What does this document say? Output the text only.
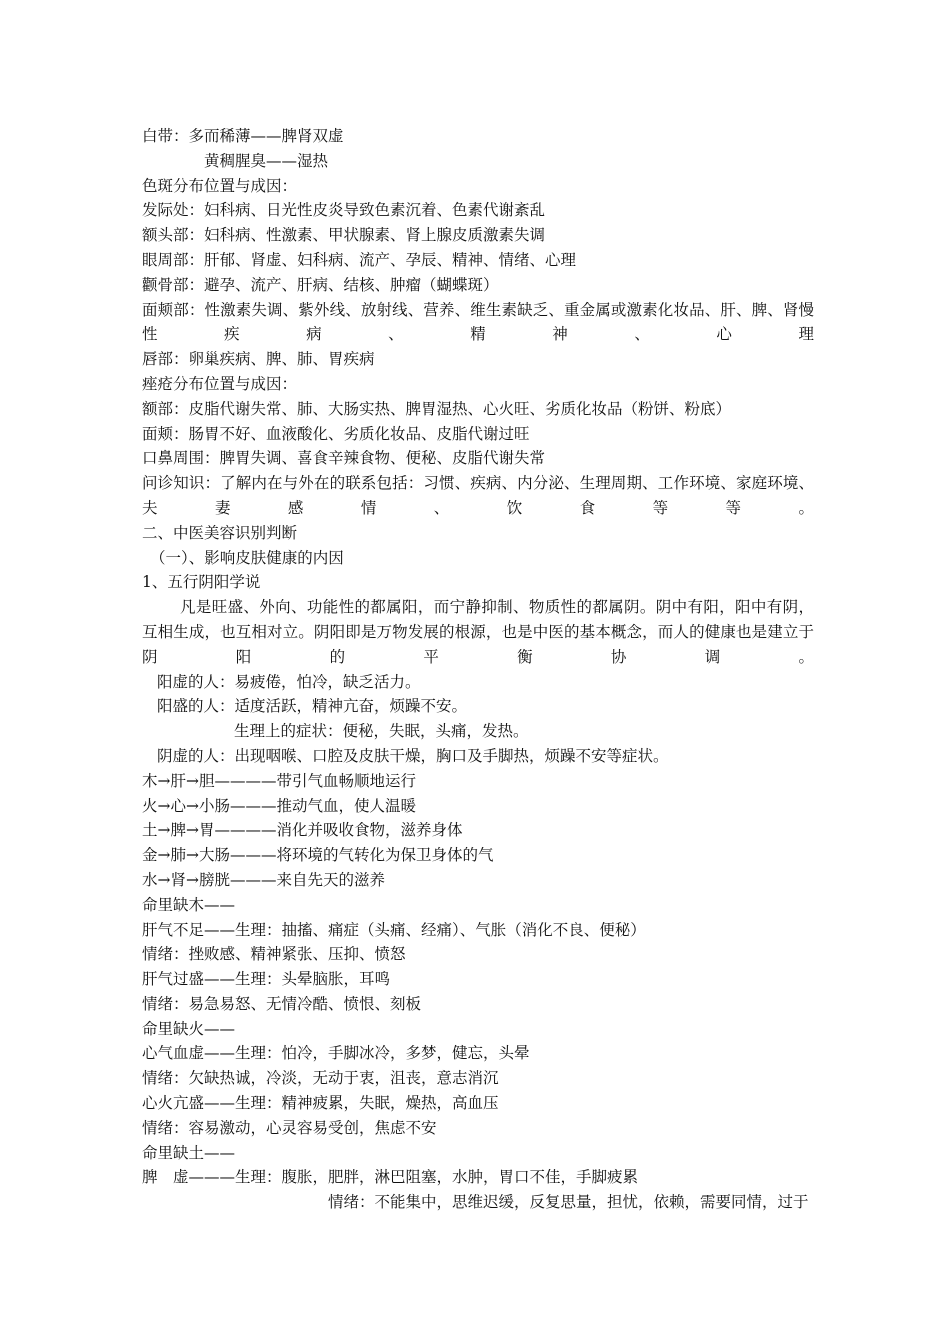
白带：多而稀薄——脾肾双虚
黄稠腥臭——湿热
色斑分布位置与成因：
发际处：妇科病、日光性皮炎导致色素沉着、色素代谢紊乱
额头部：妇科病、性激素、甲状腺素、肾上腺皮质激素失调
眼周部：肝郁、肾虚、妇科病、流产、孕辰、精神、情绪、心理
颧骨部：避孕、流产、肝病、结核、肿瘤（蝴蝶斑）
面颊部：性激素失调、紫外线、放射线、营养、维生素缺乏、重金属或激素化妆品、肝、脾、肾慢性疾病、精神、心理
唇部：卵巢疾病、脾、肺、胃疾病
痤疮分布位置与成因：
额部：皮脂代谢失常、肺、大肠实热、脾胃湿热、心火旺、劣质化妆品（粉饼、粉底）
面颊：肠胃不好、血液酸化、劣质化妆品、皮脂代谢过旺
口鼻周围：脾胃失调、喜食辛辣食物、便秘、皮脂代谢失常
问诊知识：了解内在与外在的联系包括：习惯、疾病、内分泌、生理周期、工作环境、家庭环境、夫妻感情、饮食等等。
二、中医美容识别判断
（一）、影响皮肤健康的内因
1、五行阴阳学说
凡是旺盛、外向、功能性的都属阳，而宁静抑制、物质性的都属阴。阴中有阳，阳中有阴，互相生成，也互相对立。阴阳即是万物发展的根源，也是中医的基本概念，而人的健康也是建立于阴阳的平衡协调。
阳虚的人：易疲倦，怕冷，缺乏活力。
阳盛的人：适度活跃，精神亢奋，烦躁不安。
生理上的症状：便秘，失眠，头痛，发热。
阴虚的人：出现咽喉、口腔及皮肤干燥，胸口及手脚热，烦躁不安等症状。
木→肝→胆————带引气血畅顺地运行
火→心→小肠———推动气血，使人温暖
土→脾→胃————消化并吸收食物，滋养身体
金→肺→大肠———将环境的气转化为保卫身体的气
水→肾→膀胱———来自先天的滋养
命里缺木——
肝气不足——生理：抽搐、痛症（头痛、经痛）、气胀（消化不良、便秘）
情绪：挫败感、精神紧张、压抑、愤怒
肝气过盛——生理：头晕脑胀，耳鸣
情绪：易急易怒、无情冷酷、愤恨、刻板
命里缺火——
心气血虚——生理：怕冷，手脚冰冷，多梦，健忘，头晕
情绪：欠缺热诚，冷淡，无动于衷，沮丧，意志消沉
心火亢盛——生理：精神疲累，失眠，燥热，高血压
情绪：容易激动，心灵容易受创，焦虑不安
命里缺土——
脾　虚———生理：腹胀，肥胖，淋巴阻塞，水肿，胃口不佳，手脚疲累
情绪：不能集中，思维迟缓，反复思量，担忧，依赖，需要同情，过于
